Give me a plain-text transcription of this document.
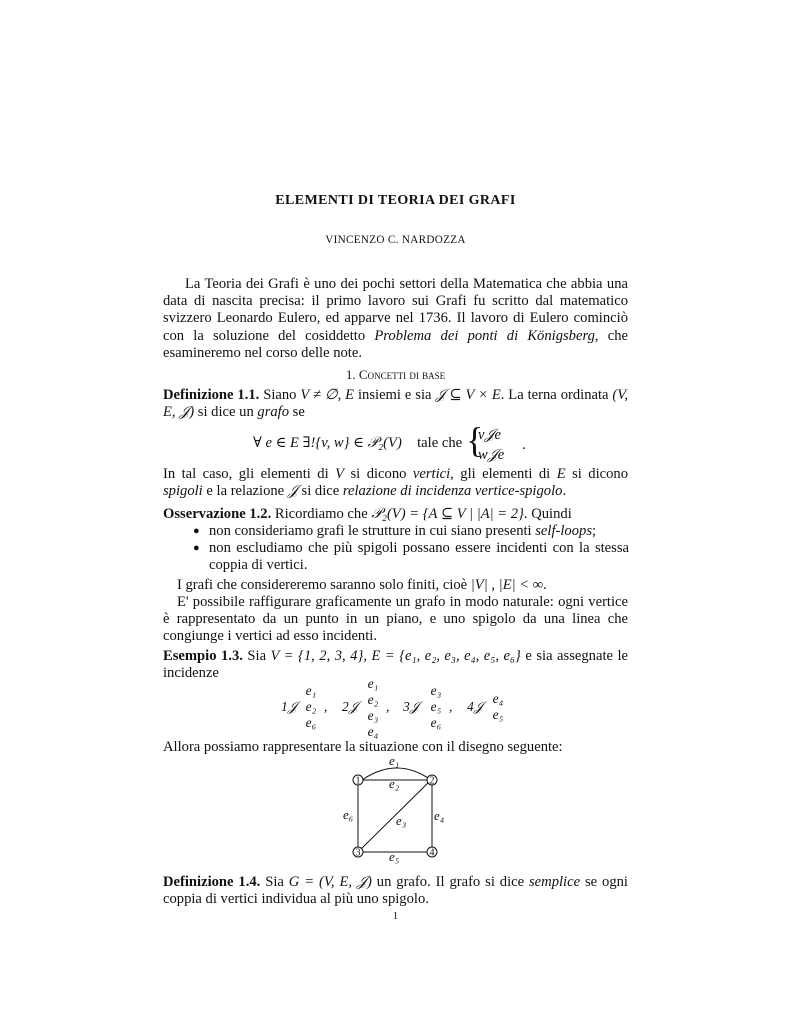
ELEMENTI DI TEORIA DEI GRAFI
VINCENZO C. NARDOZZA
La Teoria dei Grafi è uno dei pochi settori della Matematica che abbia una data di nascita precisa: il primo lavoro sui Grafi fu scritto dal matematico svizzero Leonardo Eulero, ed apparve nel 1736. Il lavoro di Eulero cominciò con la soluzione del cosiddetto Problema dei ponti di Königsberg, che esamineremo nel corso delle note.
1. Concetti di base
Definizione 1.1. Siano V ≠ ∅, E insiemi e sia 𝒥 ⊆ V × E. La terna ordinata (V, E, 𝒥) si dice un grafo se
∀ e ∈ E ∃!{v, w} ∈ 𝒫₂(V) tale che {
v𝒥e
w𝒥e
.
In tal caso, gli elementi di V si dicono vertici, gli elementi di E si dicono spigoli e la relazione 𝒥 si dice relazione di incidenza vertice-spigolo.
Osservazione 1.2. Ricordiamo che 𝒫₂(V) = {A ⊆ V | |A| = 2}. Quindi
● non consideriamo grafi le strutture in cui siano presenti self-loops;
● non escludiamo che più spigoli possano essere incidenti con la stessa coppia di vertici.
I grafi che considereremo saranno solo finiti, cioè |V| , |E| < ∞.
E' possibile raffigurare graficamente un grafo in modo naturale: ogni vertice è rappresentato da un punto in un piano, e uno spigolo da una linea che congiunge i vertici ad esso incidenti.
Esempio 1.3. Sia V = {1, 2, 3, 4}, E = {e₁, e₂, e₃, e₄, e₅, e₆} e sia assegnate le incidenze
1𝒥
e₁
e₂
e₆
, 2𝒥
e₁
e₂
e₃
e₄
, 3𝒥
e₃
e₅
e₆
, 4𝒥
e₄
e₅
Allora possiamo rappresentare la situazione con il disegno seguente:
1	2
3	4
e₁
e₂
e₃ e₄
e₅
e₆
Definizione 1.4. Sia G = (V, E, 𝒥) un grafo. Il grafo si dice semplice se ogni coppia di vertici individua al più uno spigolo.
1
